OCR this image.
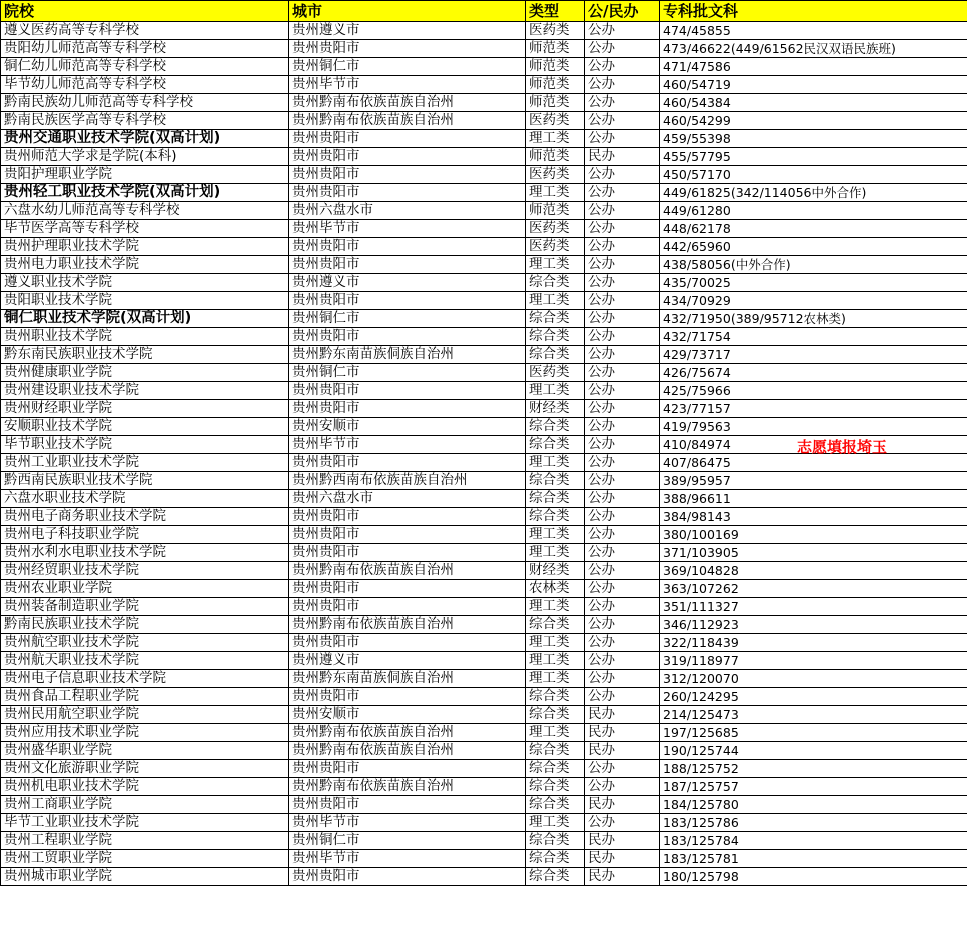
院校	城市	类型	公/民办	专科批文科
遵义医药高等专科学校	贵州遵义市	医药类	公办	474/45855
贵阳幼儿师范高等专科学校	贵州贵阳市	师范类	公办	473/46622(449/61562民汉双语民族班)
铜仁幼儿师范高等专科学校	贵州铜仁市	师范类	公办	471/47586
毕节幼儿师范高等专科学校	贵州毕节市	师范类	公办	460/54719
黔南民族幼儿师范高等专科学校	贵州黔南布依族苗族自治州	师范类	公办	460/54384
黔南民族医学高等专科学校	贵州黔南布依族苗族自治州	医药类	公办	460/54299
贵州交通职业技术学院(双高计划)	贵州贵阳市	理工类	公办	459/55398
贵州师范大学求是学院(本科)	贵州贵阳市	师范类	民办	455/57795
贵阳护理职业学院	贵州贵阳市	医药类	公办	450/57170
贵州轻工职业技术学院(双高计划)	贵州贵阳市	理工类	公办	449/61825(342/114056中外合作)
六盘水幼儿师范高等专科学校	贵州六盘水市	师范类	公办	449/61280
毕节医学高等专科学校	贵州毕节市	医药类	公办	448/62178
贵州护理职业技术学院	贵州贵阳市	医药类	公办	442/65960
贵州电力职业技术学院	贵州贵阳市	理工类	公办	438/58056(中外合作)
遵义职业技术学院	贵州遵义市	综合类	公办	435/70025
贵阳职业技术学院	贵州贵阳市	理工类	公办	434/70929
铜仁职业技术学院(双高计划)	贵州铜仁市	综合类	公办	432/71950(389/95712农林类)
贵州职业技术学院	贵州贵阳市	综合类	公办	432/71754
黔东南民族职业技术学院	贵州黔东南苗族侗族自治州	综合类	公办	429/73717
贵州健康职业学院	贵州铜仁市	医药类	公办	426/75674
贵州建设职业技术学院	贵州贵阳市	理工类	公办	425/75966
贵州财经职业学院	贵州贵阳市	财经类	公办	423/77157
安顺职业技术学院	贵州安顺市	综合类	公办	419/79563
毕节职业技术学院	贵州毕节市	综合类	公办	410/84974
贵州工业职业技术学院	贵州贵阳市	理工类	公办	407/86475
黔西南民族职业技术学院	贵州黔西南布依族苗族自治州	综合类	公办	389/95957
六盘水职业技术学院	贵州六盘水市	综合类	公办	388/96611
贵州电子商务职业技术学院	贵州贵阳市	综合类	公办	384/98143
贵州电子科技职业学院	贵州贵阳市	理工类	公办	380/100169
贵州水利水电职业技术学院	贵州贵阳市	理工类	公办	371/103905
贵州经贸职业技术学院	贵州黔南布依族苗族自治州	财经类	公办	369/104828
贵州农业职业学院	贵州贵阳市	农林类	公办	363/107262
贵州装备制造职业学院	贵州贵阳市	理工类	公办	351/111327
黔南民族职业技术学院	贵州黔南布依族苗族自治州	综合类	公办	346/112923
贵州航空职业技术学院	贵州贵阳市	理工类	公办	322/118439
贵州航天职业技术学院	贵州遵义市	理工类	公办	319/118977
贵州电子信息职业技术学院	贵州黔东南苗族侗族自治州	理工类	公办	312/120070
贵州食品工程职业学院	贵州贵阳市	综合类	公办	260/124295
贵州民用航空职业学院	贵州安顺市	综合类	民办	214/125473
贵州应用技术职业学院	贵州黔南布依族苗族自治州	理工类	民办	197/125685
贵州盛华职业学院	贵州黔南布依族苗族自治州	综合类	民办	190/125744
贵州文化旅游职业学院	贵州贵阳市	综合类	公办	188/125752
贵州机电职业技术学院	贵州黔南布依族苗族自治州	综合类	公办	187/125757
贵州工商职业学院	贵州贵阳市	综合类	民办	184/125780
毕节工业职业技术学院	贵州毕节市	理工类	公办	183/125786
贵州工程职业学院	贵州铜仁市	综合类	民办	183/125784
贵州工贸职业学院	贵州毕节市	综合类	民办	183/125781
贵州城市职业学院	贵州贵阳市	综合类	民办	180/125798
志愿填报埼玉
